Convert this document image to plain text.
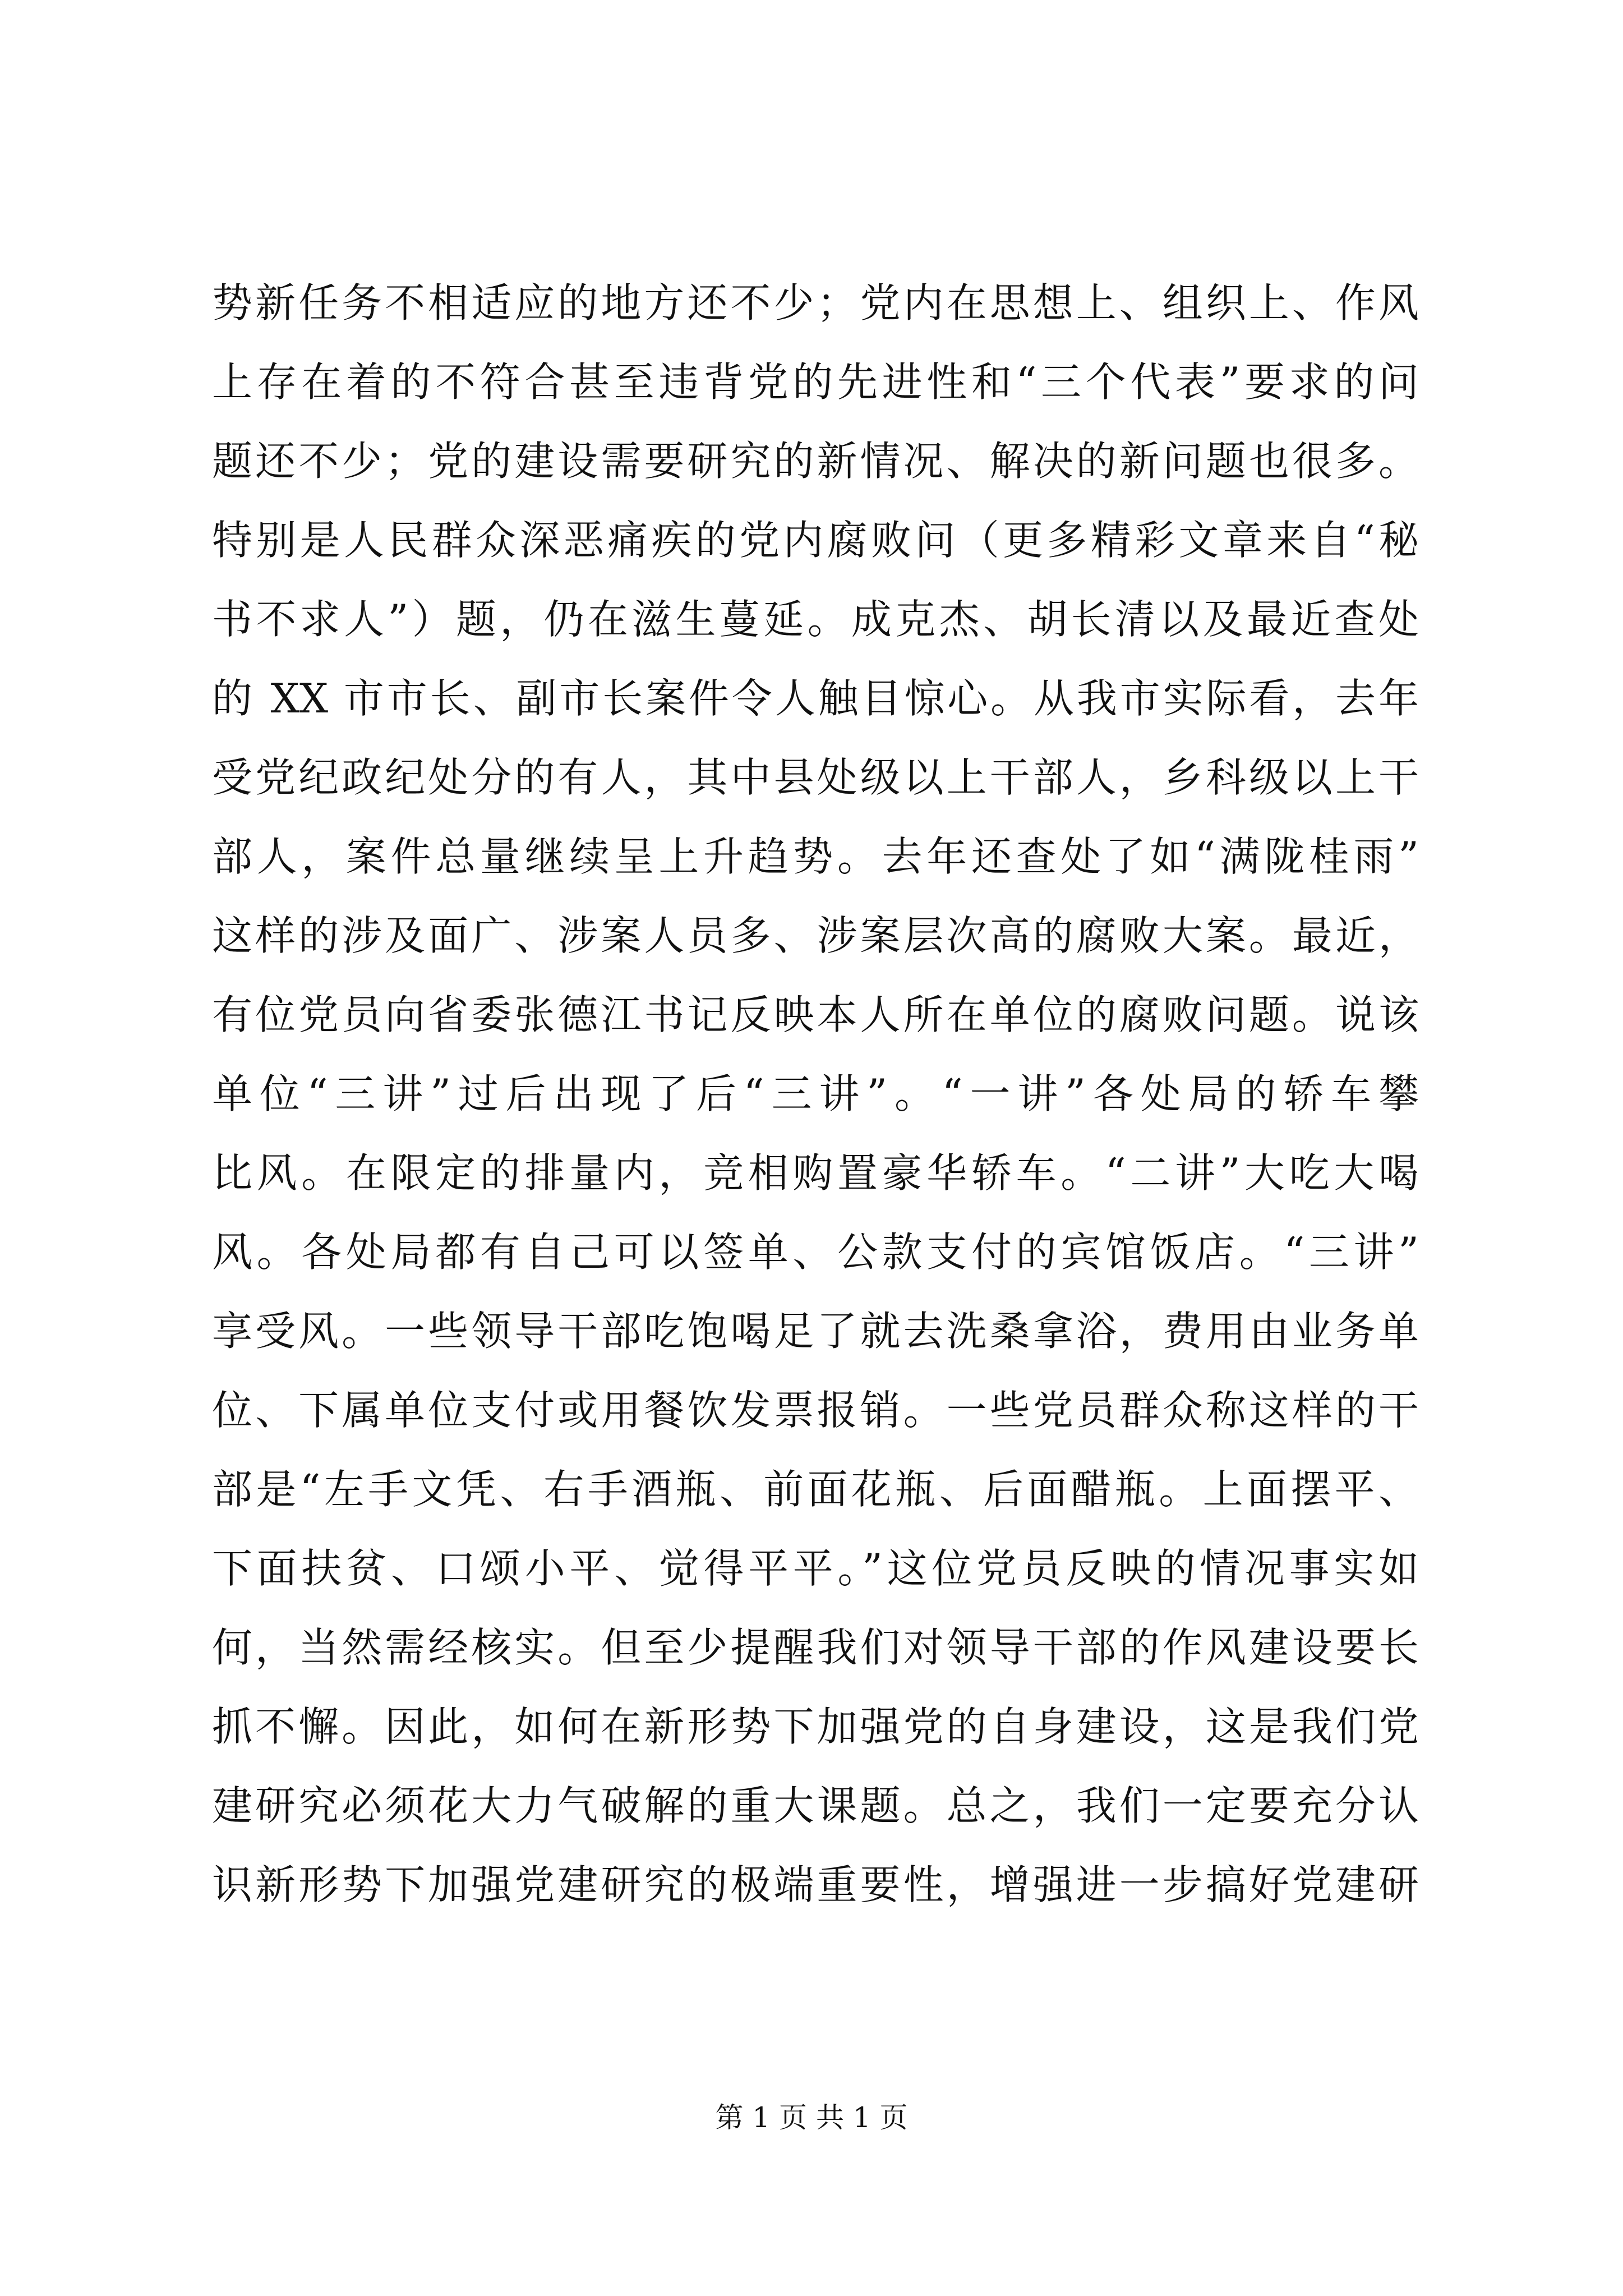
势新任务不相适应的地方还不少；党内在思想上、组织上、作风
上存在着的不符合甚至违背党的先进性和“三个代表”要求的问
题还不少；党的建设需要研究的新情况、解决的新问题也很多。
特别是人民群众深恶痛疾的党内腐败问（更多精彩文章来自“秘
书不求人”）题，仍在滋生蔓延。成克杰、胡长清以及最近查处
的 XX 市市长、副市长案件令人触目惊心。从我市实际看，去年
受党纪政纪处分的有人，其中县处级以上干部人，乡科级以上干
部人，案件总量继续呈上升趋势。去年还查处了如“满陇桂雨”
这样的涉及面广、涉案人员多、涉案层次高的腐败大案。最近，
有位党员向省委张德江书记反映本人所在单位的腐败问题。说该
单位“三讲”过后出现了后“三讲”。“一讲”各处局的轿车攀
比风。在限定的排量内，竞相购置豪华轿车。“二讲”大吃大喝
风。各处局都有自己可以签单、公款支付的宾馆饭店。“三讲”
享受风。一些领导干部吃饱喝足了就去洗桑拿浴，费用由业务单
位、下属单位支付或用餐饮发票报销。一些党员群众称这样的干
部是“左手文凭、右手酒瓶、前面花瓶、后面醋瓶。上面摆平、
下面扶贫、口颂小平、觉得平平。”这位党员反映的情况事实如
何，当然需经核实。但至少提醒我们对领导干部的作风建设要长
抓不懈。因此，如何在新形势下加强党的自身建设，这是我们党
建研究必须花大力气破解的重大课题。总之，我们一定要充分认
识新形势下加强党建研究的极端重要性，增强进一步搞好党建研
第 1 页 共 1 页
